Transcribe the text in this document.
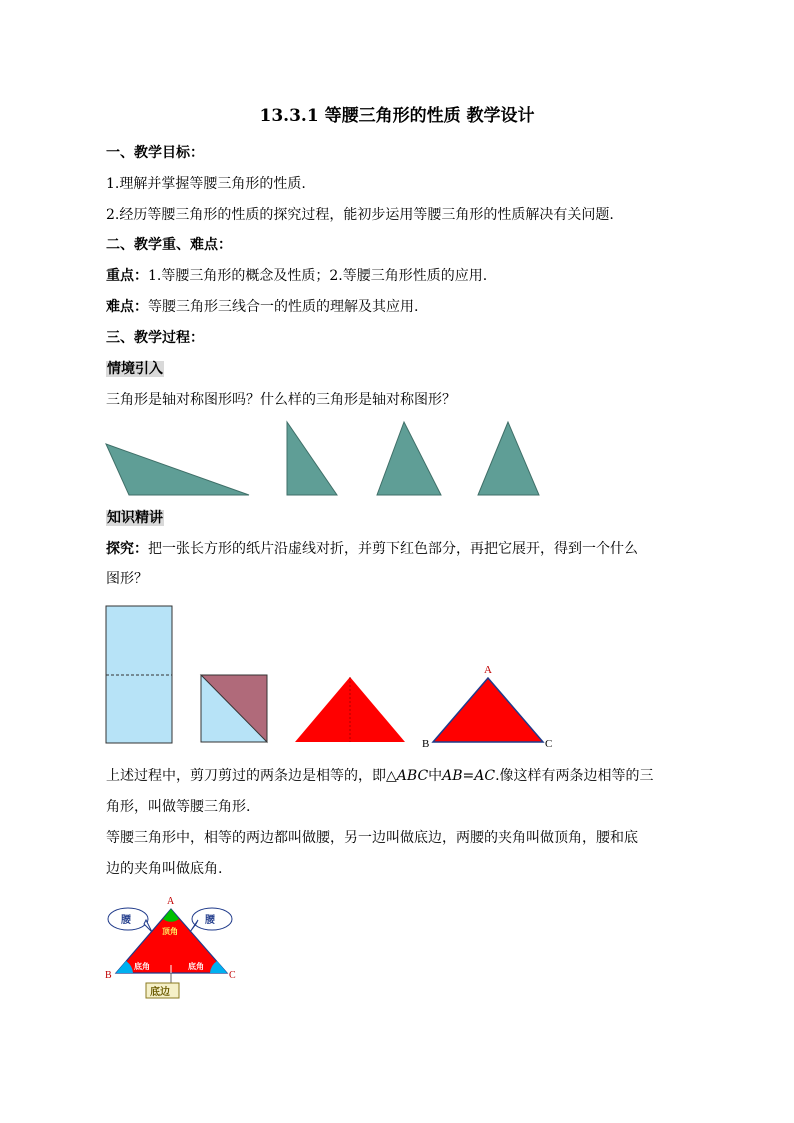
13.3.1 等腰三角形的性质 教学设计
一、教学目标：
1.理解并掌握等腰三角形的性质.
2.经历等腰三角形的性质的探究过程，能初步运用等腰三角形的性质解决有关问题.
二、教学重、难点：
重点：1.等腰三角形的概念及性质；2.等腰三角形性质的应用.
难点：等腰三角形三线合一的性质的理解及其应用.
三、教学过程：
情境引入
三角形是轴对称图形吗？什么样的三角形是轴对称图形？
知识精讲
探究：把一张长方形的纸片沿虚线对折，并剪下红色部分，再把它展开，得到一个什么
图形？
A
B	C
上述过程中，剪刀剪过的两条边是相等的，即△ABC中AB=AC.像这样有两条边相等的三
角形，叫做等腰三角形.
等腰三角形中，相等的两边都叫做腰，另一边叫做底边，两腰的夹角叫做顶角，腰和底
边的夹角叫做底角.
腰	腰
顶角
底角	底角
底边
A
B	C
